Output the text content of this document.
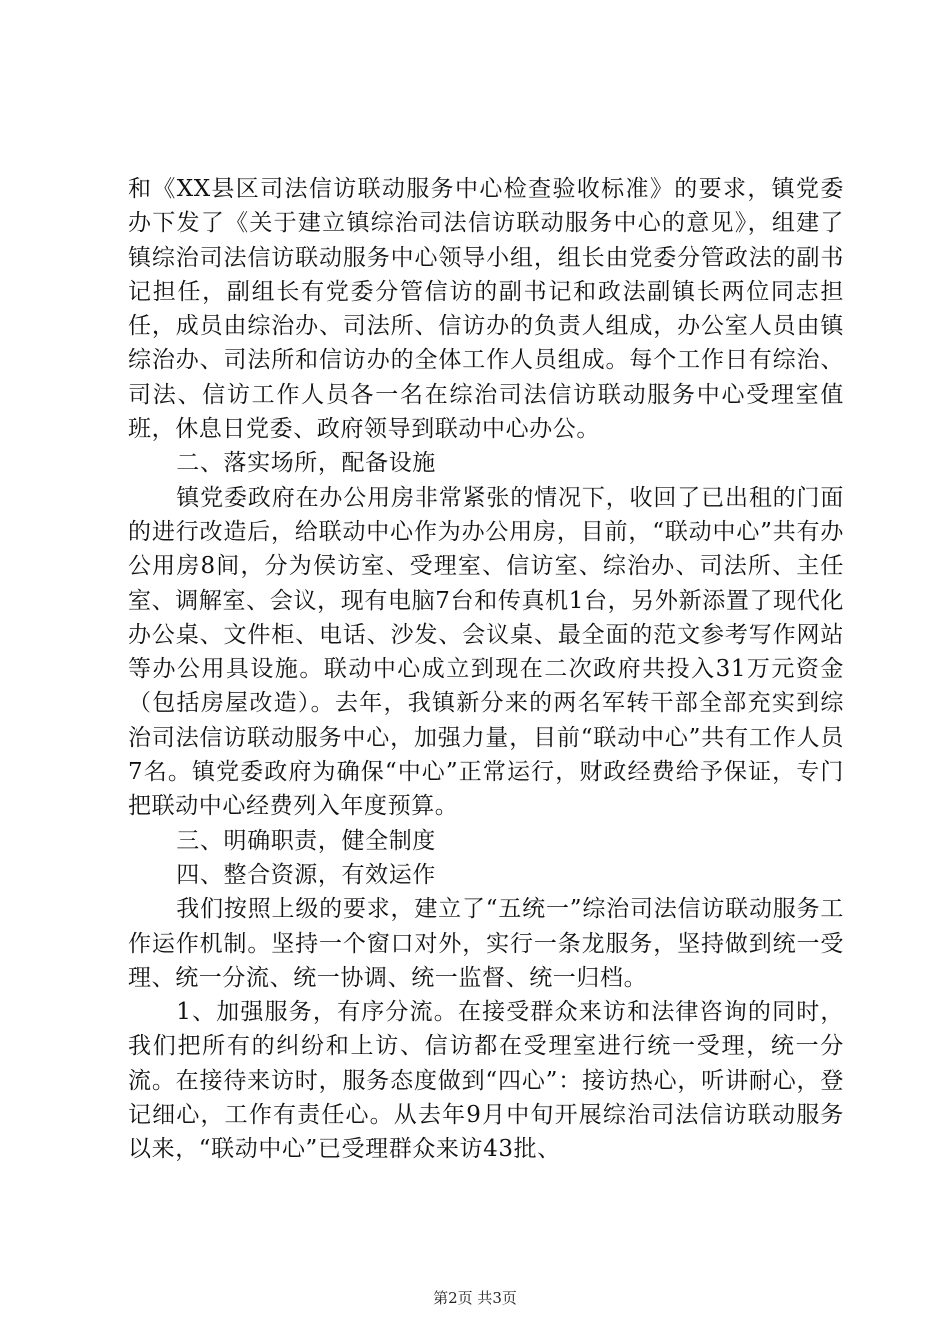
和《XX县区司法信访联动服务中心检查验收标准》的要求，镇党委办下发了《关于建立镇综治司法信访联动服务中心的意见》，组建了镇综治司法信访联动服务中心领导小组，组长由党委分管政法的副书记担任，副组长有党委分管信访的副书记和政法副镇长两位同志担任，成员由综治办、司法所、信访办的负责人组成，办公室人员由镇综治办、司法所和信访办的全体工作人员组成。每个工作日有综治、司法、信访工作人员各一名在综治司法信访联动服务中心受理室值班，休息日党委、政府领导到联动中心办公。

二、落实场所，配备设施

镇党委政府在办公用房非常紧张的情况下，收回了已出租的门面的进行改造后，给联动中心作为办公用房，目前，“联动中心”共有办公用房8间，分为侯访室、受理室、信访室、综治办、司法所、主任室、调解室、会议，现有电脑7台和传真机1台，另外新添置了现代化办公桌、文件柜、电话、沙发、会议桌、最全面的范文参考写作网站等办公用具设施。联动中心成立到现在二次政府共投入31万元资金（包括房屋改造）。去年，我镇新分来的两名军转干部全部充实到综治司法信访联动服务中心，加强力量，目前“联动中心”共有工作人员7名。镇党委政府为确保“中心”正常运行，财政经费给予保证，专门把联动中心经费列入年度预算。

三、明确职责，健全制度

四、整合资源，有效运作

我们按照上级的要求，建立了“五统一”综治司法信访联动服务工作运作机制。坚持一个窗口对外，实行一条龙服务，坚持做到统一受理、统一分流、统一协调、统一监督、统一归档。

1、加强服务，有序分流。在接受群众来访和法律咨询的同时，我们把所有的纠纷和上访、信访都在受理室进行统一受理，统一分流。在接待来访时，服务态度做到“四心”：接访热心，听讲耐心，登记细心，工作有责任心。从去年9月中旬开展综治司法信访联动服务以来，“联动中心”已受理群众来访43批、

第2页 共3页
